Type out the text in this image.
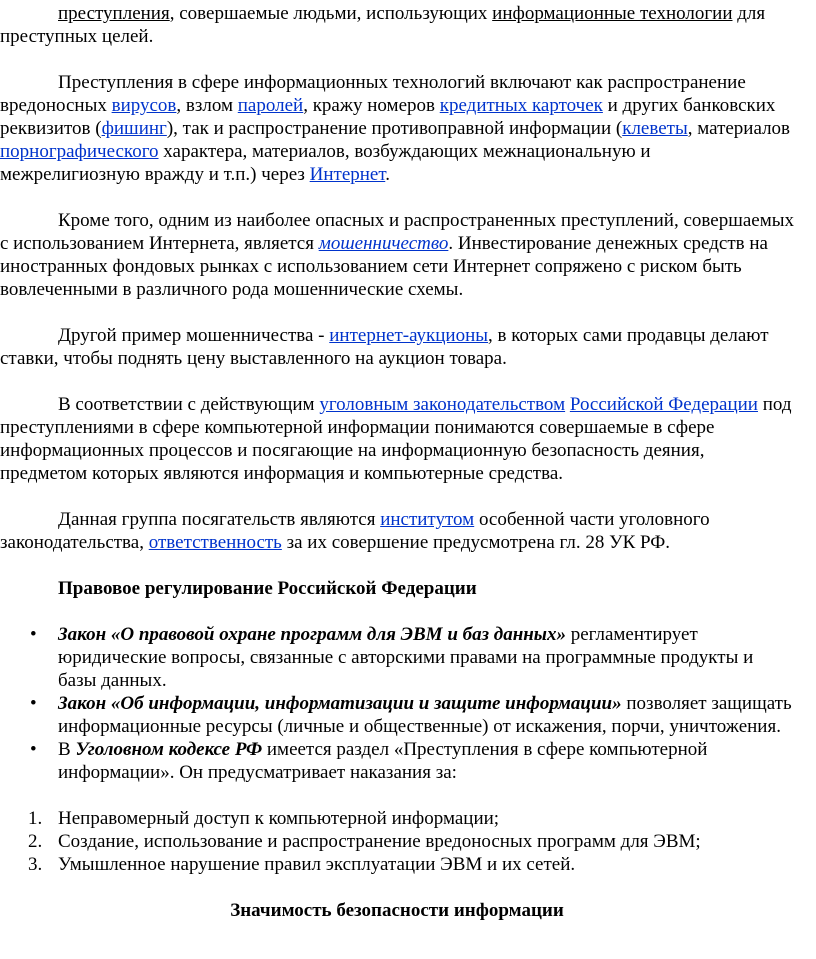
преступления, совершаемые людьми, использующих информационные технологии для преступных целей.

Преступления в сфере информационных технологий включают как распространение вредоносных вирусов, взлом паролей, кражу номеров кредитных карточек и других банковских реквизитов (фишинг), так и распространение противоправной информации (клеветы, материалов порнографического характера, материалов, возбуждающих межнациональную и межрелигиозную вражду и т.п.) через Интернет.

Кроме того, одним из наиболее опасных и распространенных преступлений, совершаемых с использованием Интернета, является мошенничество. Инвестирование денежных средств на иностранных фондовых рынках с использованием сети Интернет сопряжено с риском быть вовлеченными в различного рода мошеннические схемы.

Другой пример мошенничества - интернет-аукционы, в которых сами продавцы делают ставки, чтобы поднять цену выставленного на аукцион товара.

В соответствии с действующим уголовным законодательством Российской Федерации под преступлениями в сфере компьютерной информации понимаются совершаемые в сфере информационных процессов и посягающие на информационную безопасность деяния, предметом которых являются информация и компьютерные средства.

Данная группа посягательств являются институтом особенной части уголовного законодательства, ответственность за их совершение предусмотрена гл. 28 УК РФ.

Правовое регулирование Российской Федерации

• Закон «О правовой охране программ для ЭВМ и баз данных» регламентирует юридические вопросы, связанные с авторскими правами на программные продукты и базы данных.
• Закон «Об информации, информатизации и защите информации» позволяет защищать информационные ресурсы (личные и общественные) от искажения, порчи, уничтожения.
• В Уголовном кодексе РФ имеется раздел «Преступления в сфере компьютерной информации». Он предусматривает наказания за:
1. Неправомерный доступ к компьютерной информации;
2. Создание, использование и распространение вредоносных программ для ЭВМ;
3. Умышленное нарушение правил эксплуатации ЭВМ и их сетей.

Значимость безопасности информации
